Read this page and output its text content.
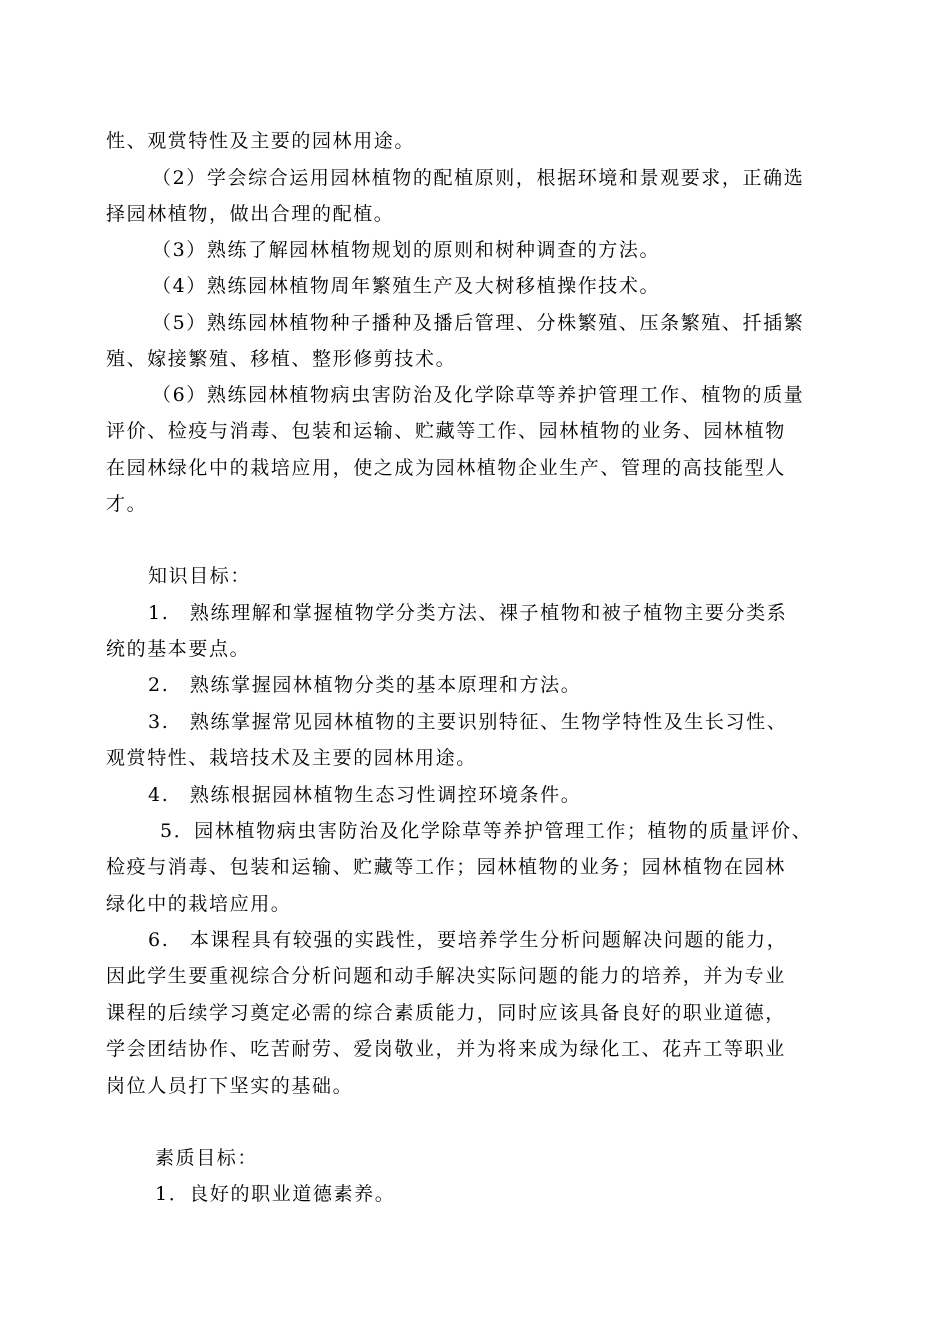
性、观赏特性及主要的园林用途。
（2）学会综合运用园林植物的配植原则，根据环境和景观要求，正确选
择园林植物，做出合理的配植。
（3）熟练了解园林植物规划的原则和树种调查的方法。
（4）熟练园林植物周年繁殖生产及大树移植操作技术。
（5）熟练园林植物种子播种及播后管理、分株繁殖、压条繁殖、扦插繁
殖、嫁接繁殖、移植、整形修剪技术。
（6）熟练园林植物病虫害防治及化学除草等养护管理工作、植物的质量
评价、检疫与消毒、包装和运输、贮藏等工作、园林植物的业务、园林植物
在园林绿化中的栽培应用，使之成为园林植物企业生产、管理的高技能型人
才。
知识目标：
1.　熟练理解和掌握植物学分类方法、裸子植物和被子植物主要分类系
统的基本要点。
2.　熟练掌握园林植物分类的基本原理和方法。
3.　熟练掌握常见园林植物的主要识别特征、生物学特性及生长习性、
观赏特性、栽培技术及主要的园林用途。
4.　熟练根据园林植物生态习性调控环境条件。
5．园林植物病虫害防治及化学除草等养护管理工作；植物的质量评价、
检疫与消毒、包装和运输、贮藏等工作；园林植物的业务；园林植物在园林
绿化中的栽培应用。
6.　本课程具有较强的实践性，要培养学生分析问题解决问题的能力，
因此学生要重视综合分析问题和动手解决实际问题的能力的培养，并为专业
课程的后续学习奠定必需的综合素质能力，同时应该具备良好的职业道德，
学会团结协作、吃苦耐劳、爱岗敬业，并为将来成为绿化工、花卉工等职业
岗位人员打下坚实的基础。
素质目标：
1．良好的职业道德素养。
